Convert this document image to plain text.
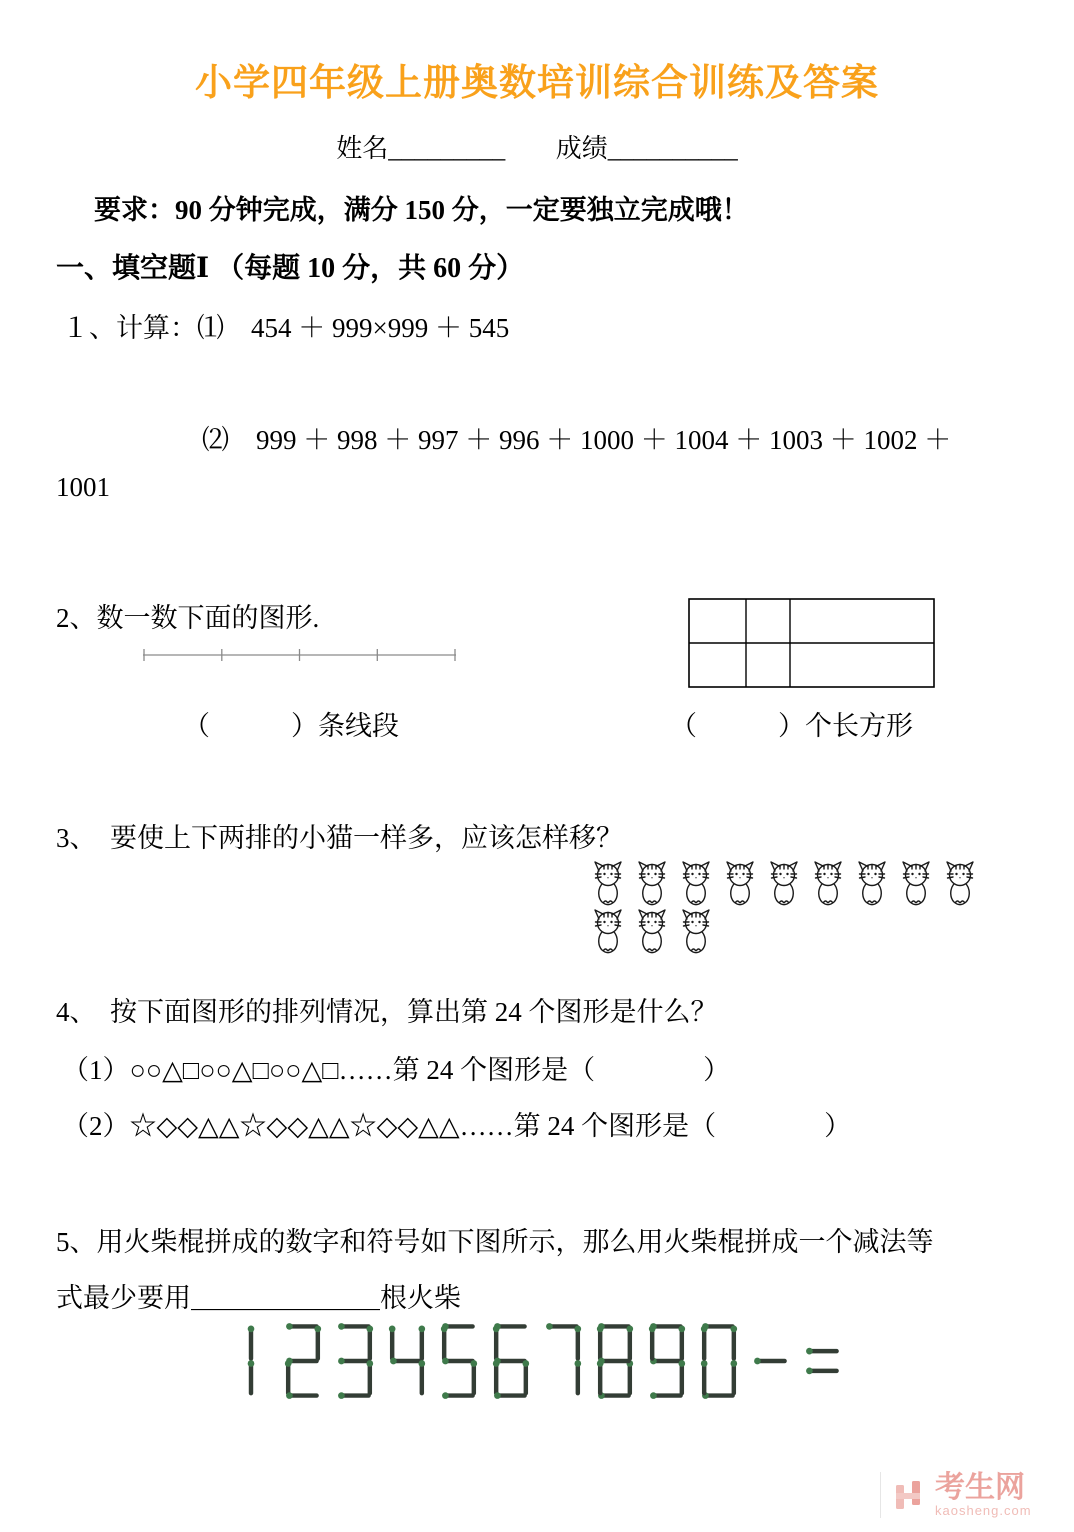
小学四年级上册奥数培训综合训练及答案
姓名_________ 成绩__________

要求：90 分钟完成，满分 150 分，一定要独立完成哦！

一、填空题Ⅰ （每题 10 分，共 60 分）

１、计算：⑴　454 ＋ 999×999 ＋ 545

⑵　999 ＋ 998 ＋ 997 ＋ 996 ＋ 1000 ＋ 1004 ＋ 1003 ＋ 1002 ＋

1001

2、数一数下面的图形.

（　　　）条线段	（　　　）个长方形

3、　要使上下两排的小猫一样多，应该怎样移？

4、　按下面图形的排列情况，算出第 24 个图形是什么？

（1）○○△□○○△□○○△□……第 24 个图形是（　　　　）

（2）☆◇◇△△☆◇◇△△☆◇◇△△……第 24 个图形是（　　　　）

5、用火柴棍拼成的数字和符号如下图所示，那么用火柴棍拼成一个减法等

式最少要用＿＿＿＿＿＿＿根火柴

考生网
kaosheng.com
